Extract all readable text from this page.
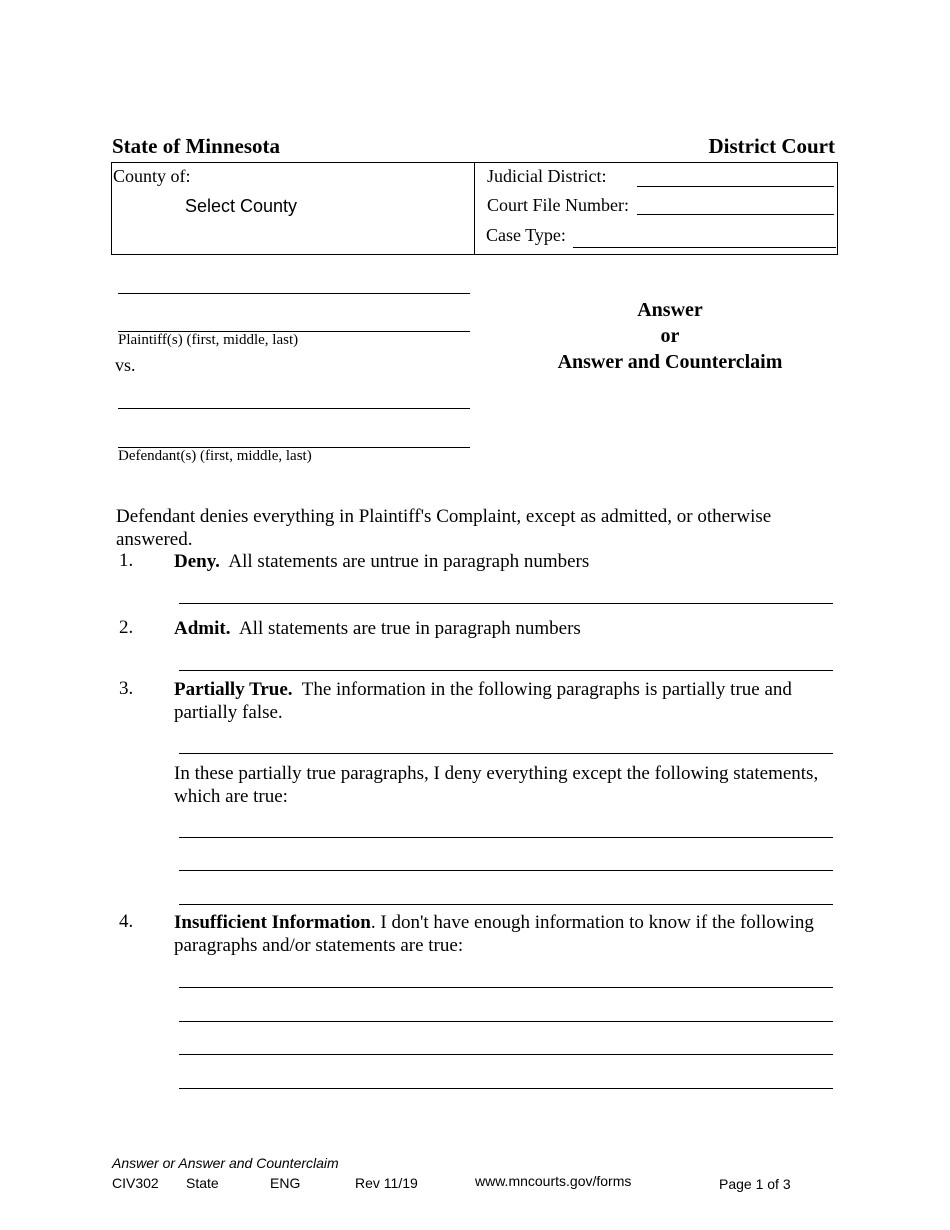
State of Minnesota	District Court
County of:
Select County
Judicial District:
Court File Number:
Case Type:
Plaintiff(s) (first, middle, last)
vs.
Defendant(s) (first, middle, last)
Answer
or
Answer and Counterclaim
Defendant denies everything in Plaintiff's Complaint, except as admitted, or otherwise answered.
1. Deny. All statements are untrue in paragraph numbers
2. Admit. All statements are true in paragraph numbers
3. Partially True. The information in the following paragraphs is partially true and partially false.
In these partially true paragraphs, I deny everything except the following statements, which are true:
4. Insufficient Information. I don't have enough information to know if the following paragraphs and/or statements are true:
Answer or Answer and Counterclaim
CIV302 State	ENG	Rev 11/19	www.mncourts.gov/forms	Page 1 of 3
